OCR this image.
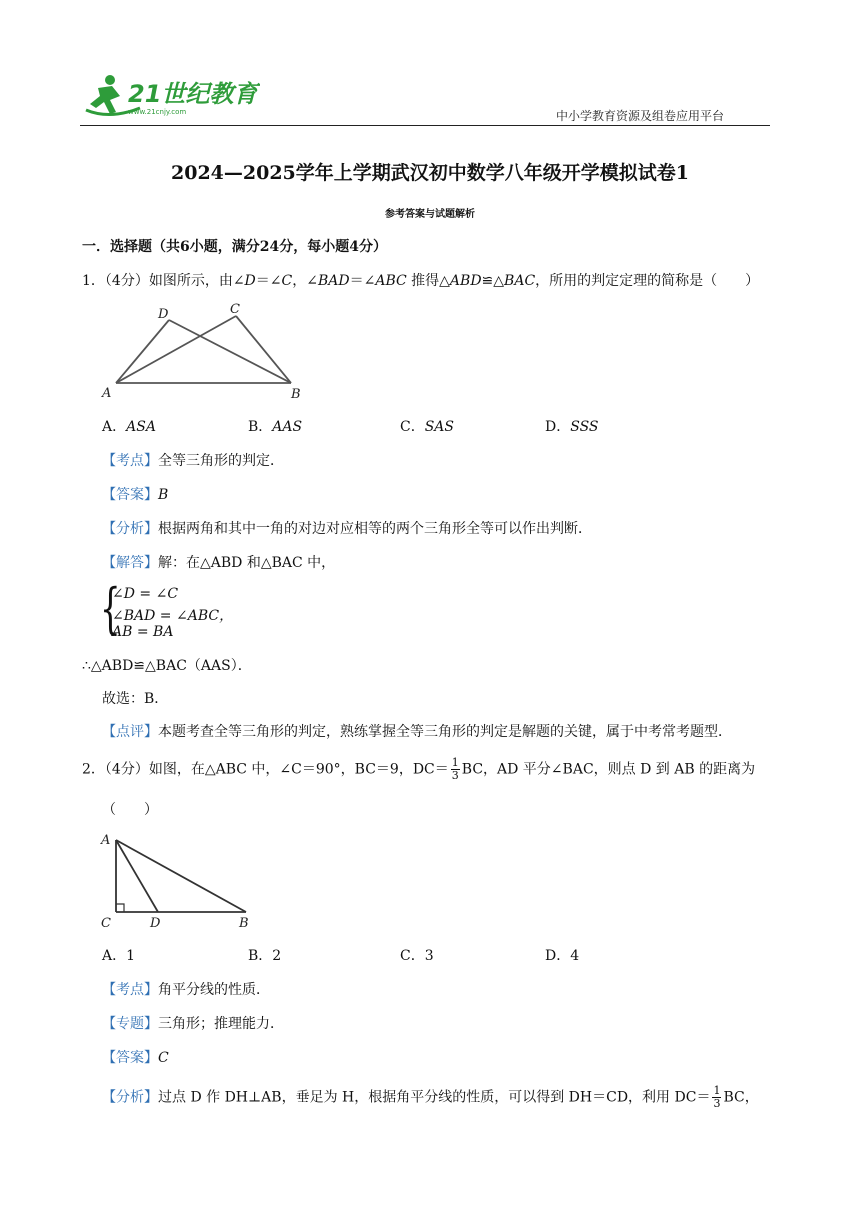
21世纪教育
www.21cnjy.com	中小学教育资源及组卷应用平台
2024—2025学年上学期武汉初中数学八年级开学模拟试卷1
参考答案与试题解析
一．选择题（共6小题，满分24分，每小题4分）
1．（4分）如图所示，由∠D＝∠C，∠BAD＝∠ABC 推得△ABD≌△BAC，所用的判定定理的简称是（　　）
D	C
A	B
A．ASA	B．AAS	C．SAS	D．SSS
【考点】全等三角形的判定．
【答案】B
【分析】根据两角和其中一角的对边对应相等的两个三角形全等可以作出判断．
【解答】解：在△ABD 和△BAC 中，
{
∠D = ∠C
∠BAD = ∠ABC，
AB = BA
∴△ABD≌△BAC（AAS）．
故选：B．
【点评】本题考查全等三角形的判定，熟练掌握全等三角形的判定是解题的关键，属于中考常考题型．
2．（4分）如图，在△ABC 中，∠C＝90°，BC＝9，$DC= \frac{1}{3}$ BC，AD 平分∠BAC，则点 D 到 AB 的距离为
（　　）
A
C	D	B
A．1	B．2	C．3	D．4
【考点】角平分线的性质．
【专题】三角形；推理能力．
【答案】C
【分析】过点 D 作 DH⊥AB，垂足为 H，根据角平分线的性质，可以得到 DH＝CD，利用 $DC= \frac{1}{3}$ BC，
